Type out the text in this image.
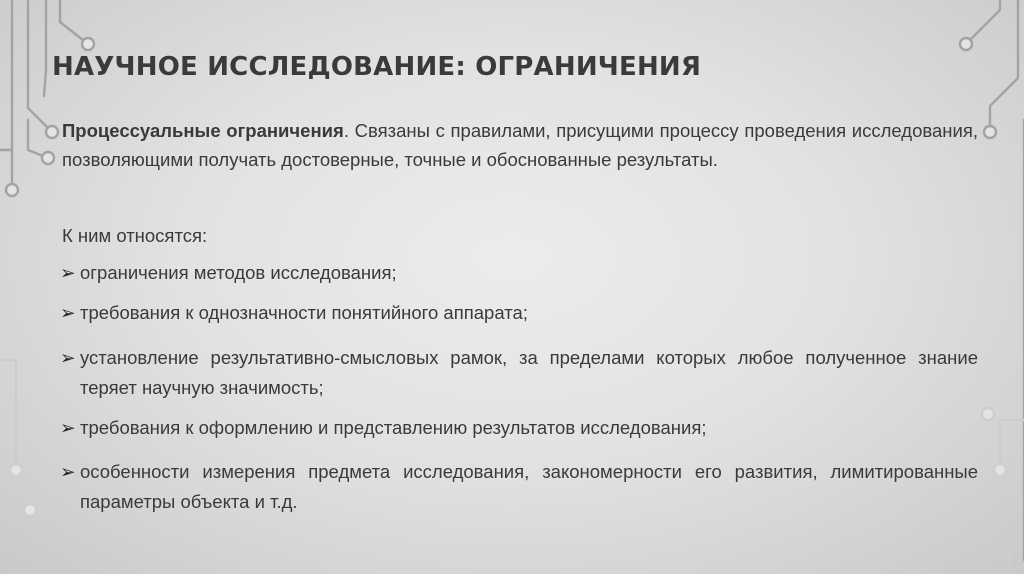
НАУЧНОЕ ИССЛЕДОВАНИЕ: ОГРАНИЧЕНИЯ

Процессуальные ограничения. Связаны с правилами, присущими процессу проведения исследования, позволяющими получать достоверные, точные и обоснованные результаты.

К ним относятся:

➢ ограничения методов исследования;

➢ требования к однозначности понятийного аппарата;

➢ установление результативно-смысловых рамок, за пределами которых любое полученное знание теряет научную значимость;

➢ требования к оформлению и представлению результатов исследования;

➢ особенности измерения предмета исследования, закономерности его развития, лимитированные параметры объекта и т.д.
